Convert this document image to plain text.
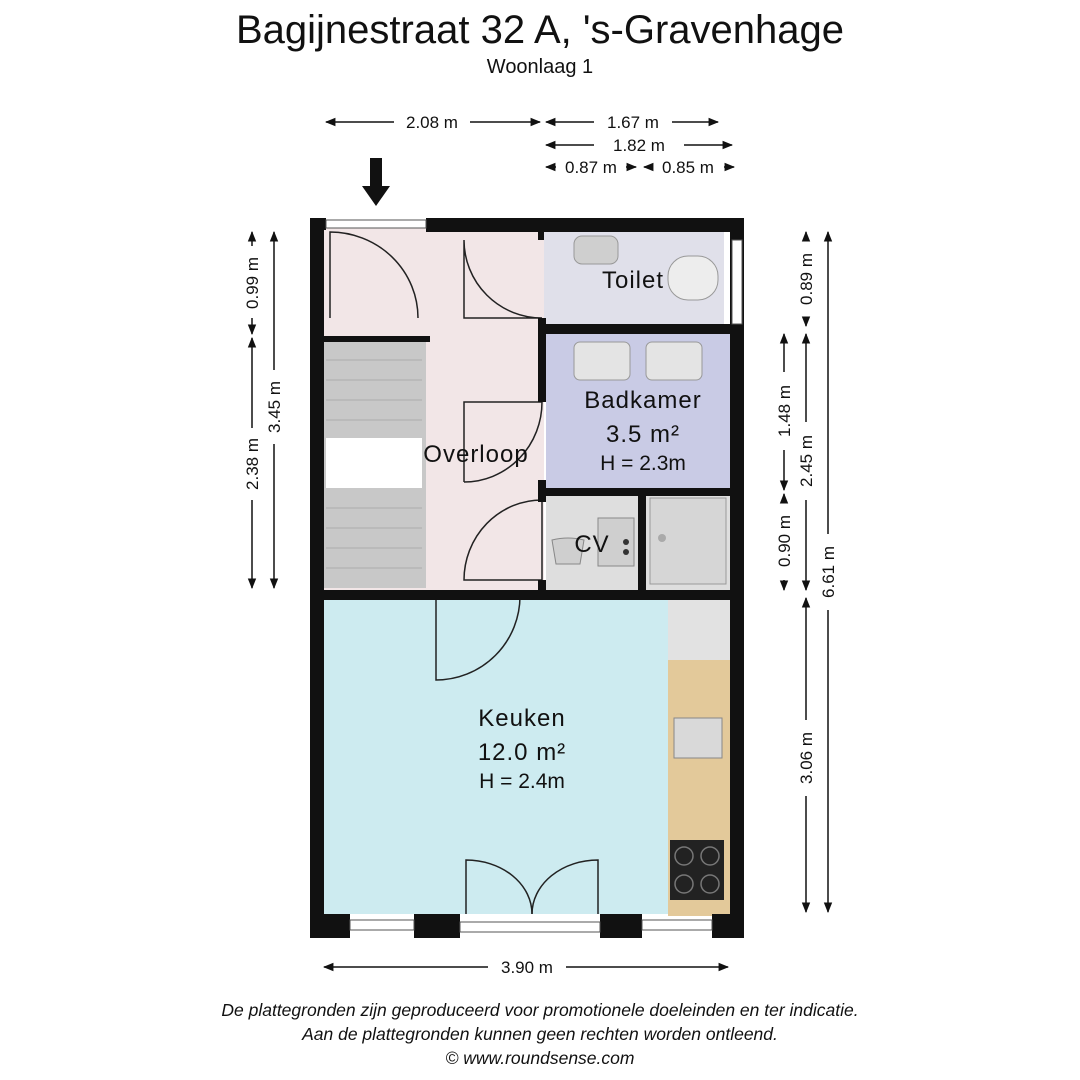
Bagijnestraat 32 A, 's-Gravenhage
Woonlaag 1
Toilet
Overloop
Badkamer
3.5 m²
H = 2.3m
CV
Keuken
12.0 m²
H = 2.4m
2.08 m	1.67 m
1.82 m
0.87 m	0.85 m
0.99 m
2.38 m
3.45 m
0.89 m
1.48 m
0.90 m
2.45 m
3.06 m
6.61 m
3.90 m
De plattegronden zijn geproduceerd voor promotionele doeleinden en ter indicatie.
Aan de plattegronden kunnen geen rechten worden ontleend.
© www.roundsense.com
